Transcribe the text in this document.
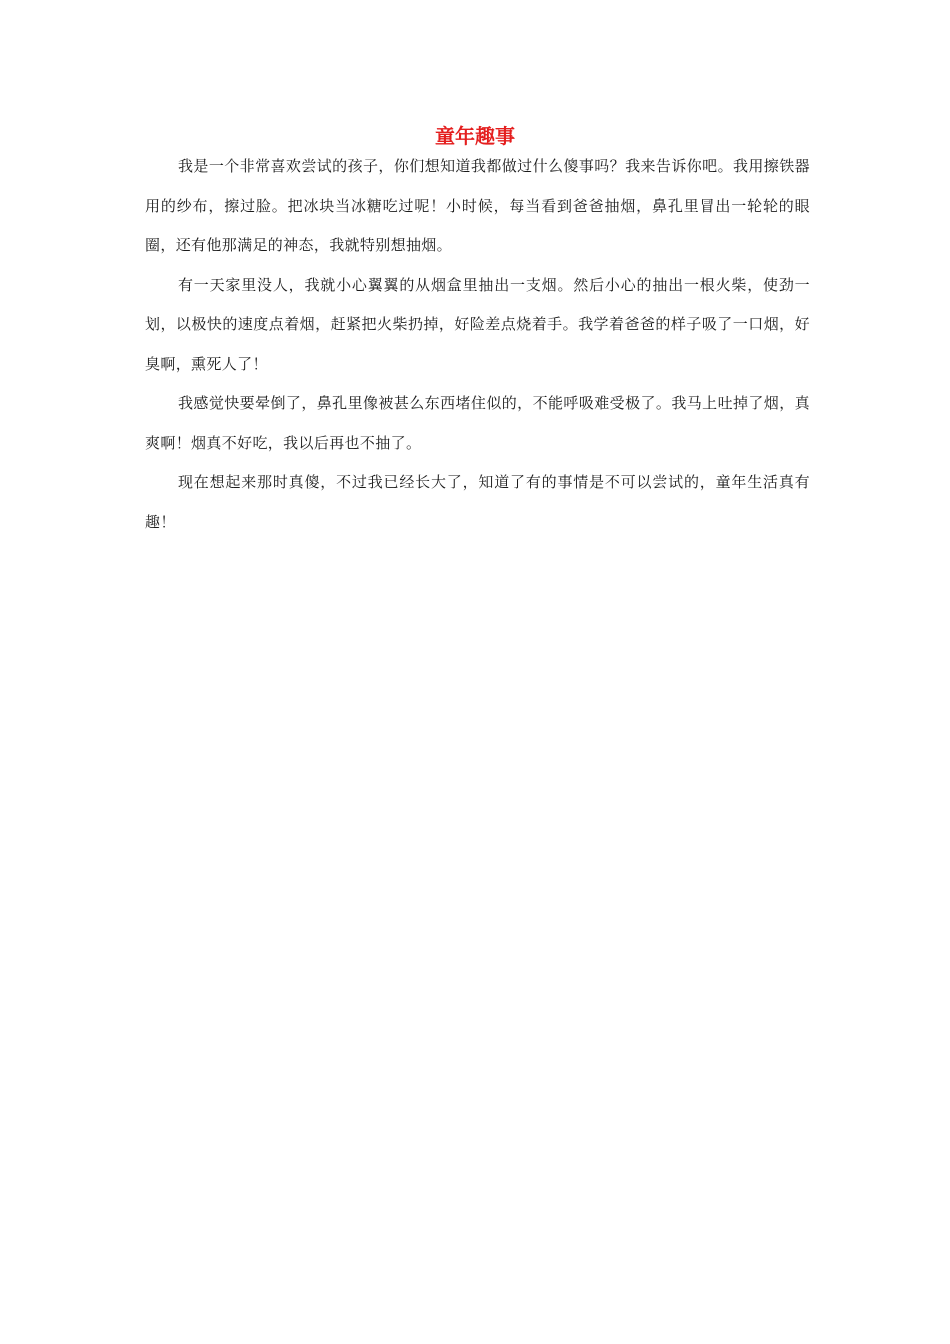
童年趣事

我是一个非常喜欢尝试的孩子，你们想知道我都做过什么傻事吗？我来告诉你吧。我用擦铁器用的纱布，擦过脸。把冰块当冰糖吃过呢！小时候，每当看到爸爸抽烟，鼻孔里冒出一轮轮的眼圈，还有他那满足的神态，我就特别想抽烟。

有一天家里没人，我就小心翼翼的从烟盒里抽出一支烟。然后小心的抽出一根火柴，使劲一划，以极快的速度点着烟，赶紧把火柴扔掉，好险差点烧着手。我学着爸爸的样子吸了一口烟，好臭啊，熏死人了！

我感觉快要晕倒了，鼻孔里像被甚么东西堵住似的，不能呼吸难受极了。我马上吐掉了烟，真爽啊！烟真不好吃，我以后再也不抽了。

现在想起来那时真傻，不过我已经长大了，知道了有的事情是不可以尝试的，童年生活真有趣！
